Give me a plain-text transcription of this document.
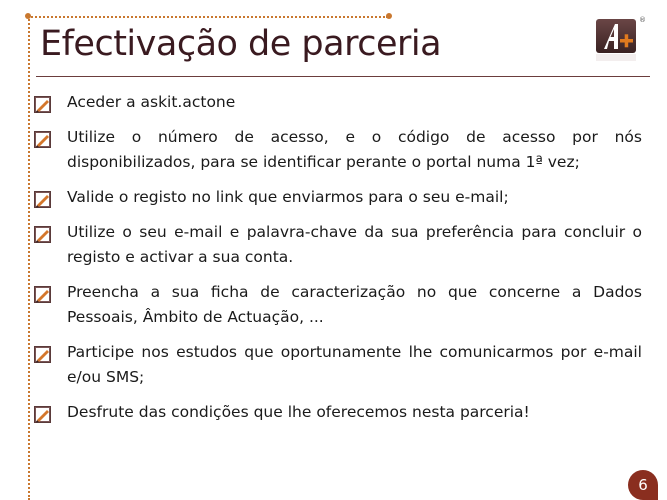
Efectivação de parceria
®
Aceder a askit.actone
Utilize o número de acesso, e o código de acesso por nós disponibilizados, para se identificar perante o portal numa 1ª vez;
Valide o registo no link que enviarmos para o seu e-mail;
Utilize o seu e-mail e palavra-chave da sua preferência para concluir o registo e activar a sua conta.
Preencha a sua ficha de caracterização no que concerne a Dados Pessoais, Âmbito de Actuação, ...
Participe nos estudos que oportunamente lhe comunicarmos por e-mail e/ou SMS;
Desfrute das condições que lhe oferecemos nesta parceria!
6
